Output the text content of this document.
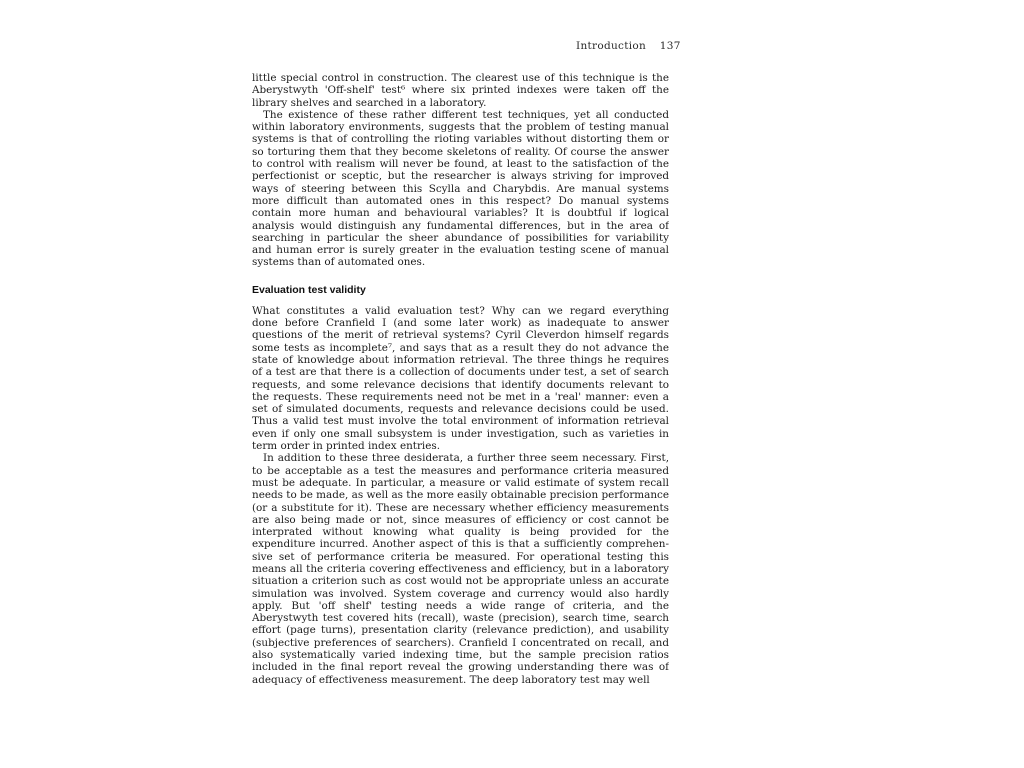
Introduction 137
little special control in construction. The clearest use of this technique is the
Aberystwyth 'Off-shelf' test⁶ where six printed indexes were taken off the
library shelves and searched in a laboratory.
The existence of these rather different test techniques, yet all conducted
within laboratory environments, suggests that the problem of testing manual
systems is that of controlling the rioting variables without distorting them or
so torturing them that they become skeletons of reality. Of course the answer
to control with realism will never be found, at least to the satisfaction of the
perfectionist or sceptic, but the researcher is always striving for improved
ways of steering between this Scylla and Charybdis. Are manual systems
more difficult than automated ones in this respect? Do manual systems
contain more human and behavioural variables? It is doubtful if logical
analysis would distinguish any fundamental differences, but in the area of
searching in particular the sheer abundance of possibilities for variability
and human error is surely greater in the evaluation testing scene of manual
systems than of automated ones.
Evaluation test validity
What constitutes a valid evaluation test? Why can we regard everything
done before Cranfield I (and some later work) as inadequate to answer
questions of the merit of retrieval systems? Cyril Cleverdon himself regards
some tests as incomplete⁷, and says that as a result they do not advance the
state of knowledge about information retrieval. The three things he requires
of a test are that there is a collection of documents under test, a set of search
requests, and some relevance decisions that identify documents relevant to
the requests. These requirements need not be met in a 'real' manner: even a
set of simulated documents, requests and relevance decisions could be used.
Thus a valid test must involve the total environment of information retrieval
even if only one small subsystem is under investigation, such as varieties in
term order in printed index entries.
In addition to these three desiderata, a further three seem necessary. First,
to be acceptable as a test the measures and performance criteria measured
must be adequate. In particular, a measure or valid estimate of system recall
needs to be made, as well as the more easily obtainable precision performance
(or a substitute for it). These are necessary whether efficiency measurements
are also being made or not, since measures of efficiency or cost cannot be
interprated without knowing what quality is being provided for the
expenditure incurred. Another aspect of this is that a sufficiently comprehen-
sive set of performance criteria be measured. For operational testing this
means all the criteria covering effectiveness and efficiency, but in a laboratory
situation a criterion such as cost would not be appropriate unless an accurate
simulation was involved. System coverage and currency would also hardly
apply. But 'off shelf' testing needs a wide range of criteria, and the
Aberystwyth test covered hits (recall), waste (precision), search time, search
effort (page turns), presentation clarity (relevance prediction), and usability
(subjective preferences of searchers). Cranfield I concentrated on recall, and
also systematically varied indexing time, but the sample precision ratios
included in the final report reveal the growing understanding there was of
adequacy of effectiveness measurement. The deep laboratory test may well
